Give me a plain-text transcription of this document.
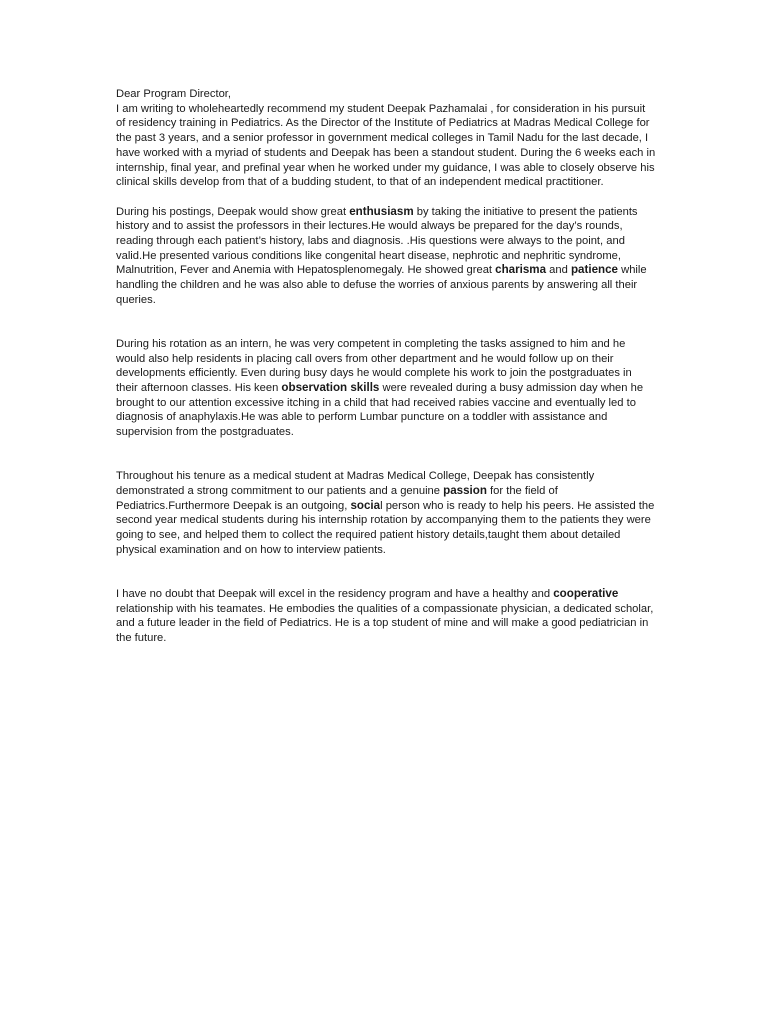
Dear Program Director,

I am writing to wholeheartedly recommend my student Deepak Pazhamalai , for consideration in his pursuit of residency training in Pediatrics. As the Director of the Institute of Pediatrics at Madras Medical College for the past 3 years, and a senior professor in government medical colleges in Tamil Nadu for the last decade, I have worked with a myriad of students and Deepak has been a standout student. During the 6 weeks each in internship, final year, and prefinal year when he worked under my guidance, I was able to closely observe his clinical skills develop from that of a budding student, to that of an independent medical practitioner.

During his postings, Deepak would show great enthusiasm by taking the initiative to present the patients history and to assist the professors in their lectures.He would always be prepared for the day’s rounds, reading through each patient’s history, labs and diagnosis. .His questions were always to the point, and valid.He presented various conditions like congenital heart disease, nephrotic and nephritic syndrome, Malnutrition, Fever and Anemia with Hepatosplenomegaly. He showed great charisma and patience while handling the children and he was also able to defuse the worries of anxious parents by answering all their queries.

During his rotation as an intern, he was very competent in completing the tasks assigned to him and he would also help residents in placing call overs from other department and he would follow up on their developments efficiently. Even during busy days he would complete his work to join the postgraduates in their afternoon classes. His keen observation skills were revealed during a busy admission day when he brought to our attention excessive itching in a child that had received rabies vaccine and eventually led to diagnosis of anaphylaxis.He was able to perform Lumbar puncture on a toddler with assistance and supervision from the postgraduates.

Throughout his tenure as a medical student at Madras Medical College, Deepak has consistently demonstrated a strong commitment to our patients and a genuine passion for the field of Pediatrics.Furthermore Deepak is an outgoing, social person who is ready to help his peers. He assisted the second year medical students during his internship rotation by accompanying them to the patients they were going to see, and helped them to collect the required patient history details,taught them about detailed physical examination and on how to interview patients.

I have no doubt that Deepak will excel in the residency program and have a healthy and cooperative relationship with his teamates. He embodies the qualities of a compassionate physician, a dedicated scholar, and a future leader in the field of Pediatrics. He is a top student of mine and will make a good pediatrician in the future.
